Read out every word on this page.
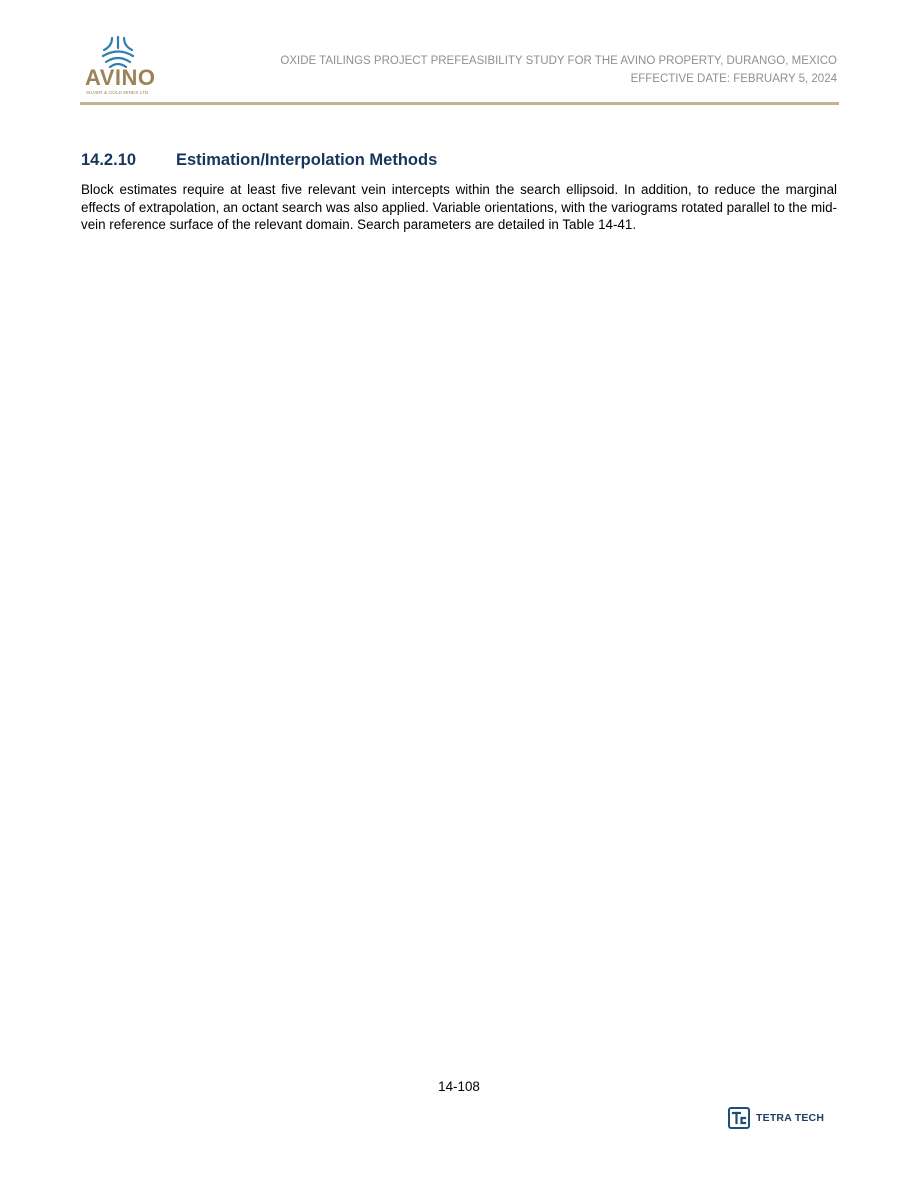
AVINO
SILVER & GOLD MINES LTD.
OXIDE TAILINGS PROJECT PREFEASIBILITY STUDY FOR THE AVINO PROPERTY, DURANGO, MEXICO
EFFECTIVE DATE: FEBRUARY 5, 2024
14.2.10 Estimation/Interpolation Methods

Block estimates require at least five relevant vein intercepts within the search ellipsoid. In addition, to reduce the marginal effects of extrapolation, an octant search was also applied. Variable orientations, with the variograms rotated parallel to the mid-vein reference surface of the relevant domain. Search parameters are detailed in Table 14-41.

14-108
TETRA TECH
